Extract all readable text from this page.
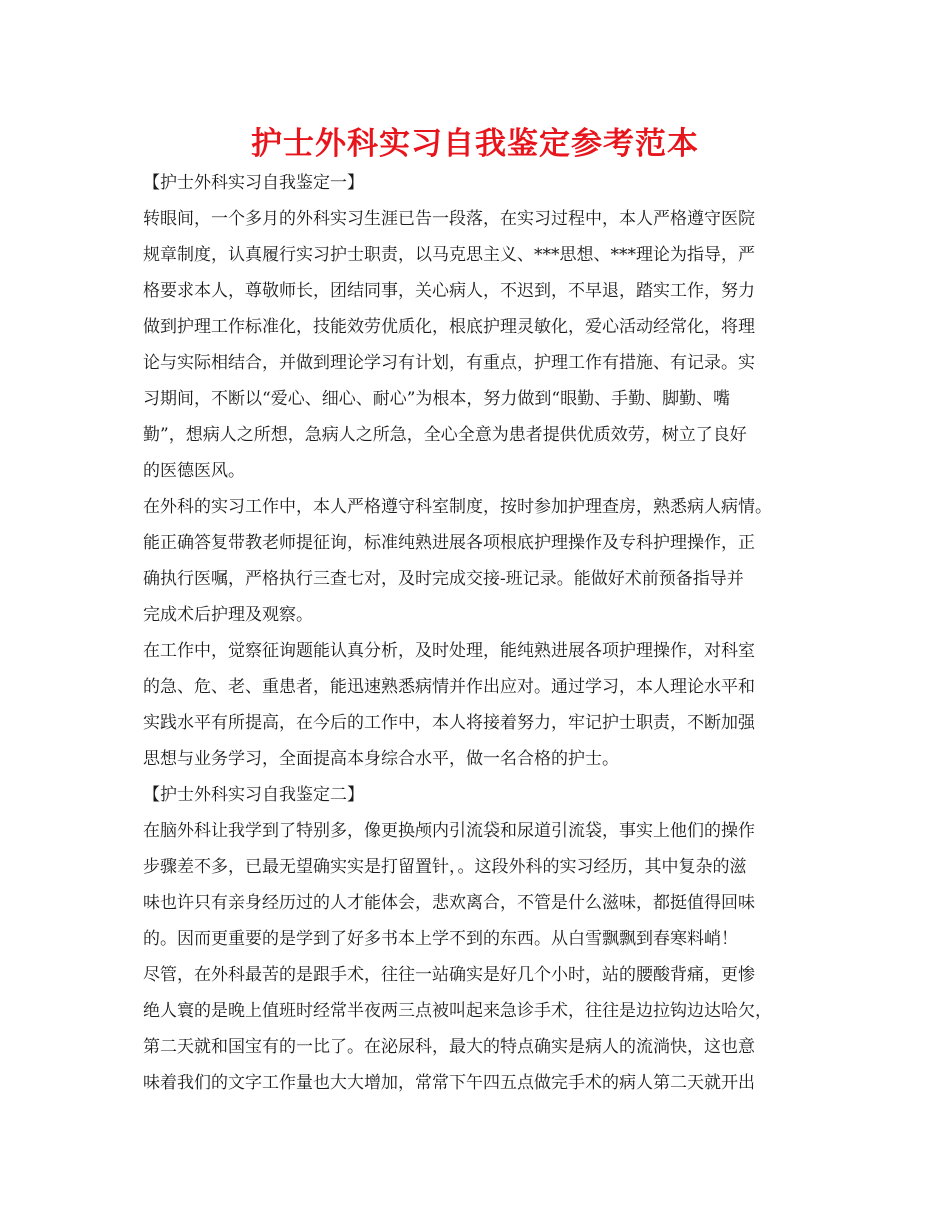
护士外科实习自我鉴定参考范本
【护士外科实习自我鉴定一】
转眼间，一个多月的外科实习生涯已告一段落，在实习过程中，本人严格遵守医院
规章制度，认真履行实习护士职责，以马克思主义、***思想、***理论为指导，严
格要求本人，尊敬师长，团结同事，关心病人，不迟到，不早退，踏实工作，努力
做到护理工作标准化，技能效劳优质化，根底护理灵敏化，爱心活动经常化，将理
论与实际相结合，并做到理论学习有计划，有重点，护理工作有措施、有记录。实
习期间，不断以“爱心、细心、耐心”为根本，努力做到“眼勤、手勤、脚勤、嘴
勤”，想病人之所想，急病人之所急，全心全意为患者提供优质效劳，树立了良好
的医德医风。
在外科的实习工作中，本人严格遵守科室制度，按时参加护理查房，熟悉病人病情。
能正确答复带教老师提征询，标准纯熟进展各项根底护理操作及专科护理操作，正
确执行医嘱，严格执行三查七对，及时完成交接-班记录。能做好术前预备指导并
完成术后护理及观察。
在工作中，觉察征询题能认真分析，及时处理，能纯熟进展各项护理操作，对科室
的急、危、老、重患者，能迅速熟悉病情并作出应对。通过学习，本人理论水平和
实践水平有所提高，在今后的工作中，本人将接着努力，牢记护士职责，不断加强
思想与业务学习，全面提高本身综合水平，做一名合格的护士。
【护士外科实习自我鉴定二】
在脑外科让我学到了特别多，像更换颅内引流袋和尿道引流袋，事实上他们的操作
步骤差不多，已最无望确实实是打留置针，。这段外科的实习经历，其中复杂的滋
味也许只有亲身经历过的人才能体会，悲欢离合，不管是什么滋味，都挺值得回味
的。因而更重要的是学到了好多书本上学不到的东西。从白雪飘飘到春寒料峭！
尽管，在外科最苦的是跟手术，往往一站确实是好几个小时，站的腰酸背痛，更惨
绝人寰的是晚上值班时经常半夜两三点被叫起来急诊手术，往往是边拉钩边达哈欠，
第二天就和国宝有的一比了。在泌尿科，最大的特点确实是病人的流淌快，这也意
味着我们的文字工作量也大大增加，常常下午四五点做完手术的病人第二天就开出
